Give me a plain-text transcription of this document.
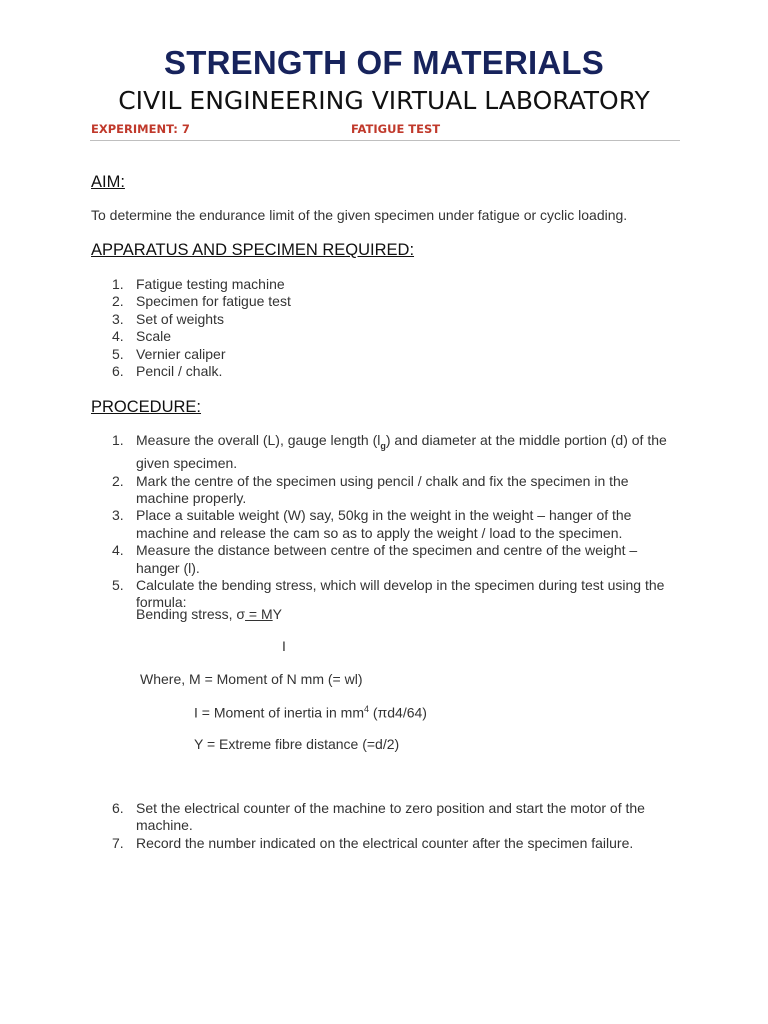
STRENGTH OF MATERIALS
CIVIL ENGINEERING VIRTUAL LABORATORY
EXPERIMENT: 7	FATIGUE TEST
AIM:
To determine the endurance limit of the given specimen under fatigue or cyclic loading.
APPARATUS AND SPECIMEN REQUIRED:
1. Fatigue testing machine
2. Specimen for fatigue test
3. Set of weights
4. Scale
5. Vernier caliper
6. Pencil / chalk.
PROCEDURE:
1. Measure the overall (L), gauge length $(l_g)$ and diameter at the middle portion (d) of the given specimen.
2. Mark the centre of the specimen using pencil / chalk and fix the specimen in the machine properly.
3. Place a suitable weight (W) say, 50kg in the weight in the weight – hanger of the machine and release the cam so as to apply the weight / load to the specimen.
4. Measure the distance between centre of the specimen and centre of the weight – hanger (l).
5. Calculate the bending stress, which will develop in the specimen during test using the formula:
Bending stress, σ = MY
I
Where, M = Moment of N mm (= wl)
I = Moment of inertia in $mm^4$ (πd4/64)
Y = Extreme fibre distance (=d/2)
6. Set the electrical counter of the machine to zero position and start the motor of the machine.
7. Record the number indicated on the electrical counter after the specimen failure.
